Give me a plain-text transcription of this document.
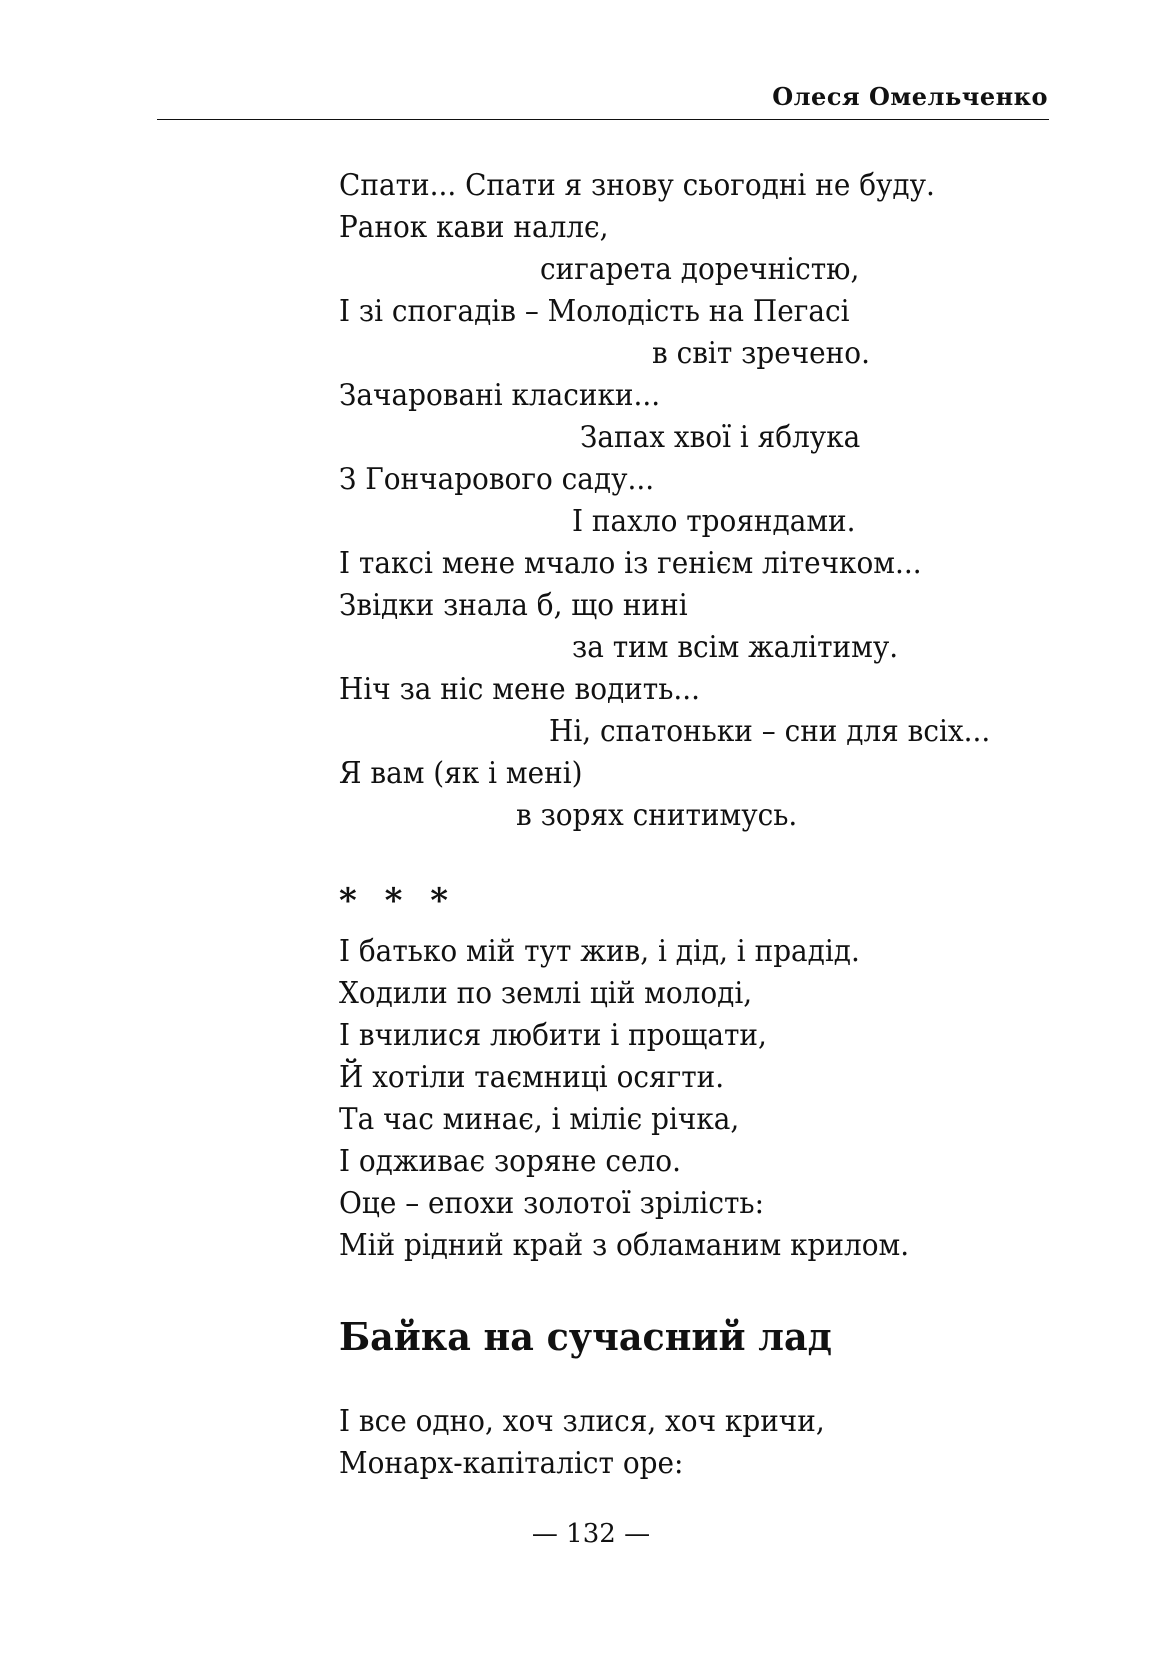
Олеся Омельченко
Спати... Спати я знову сьогодні не буду.
Ранок кави наллє,
сигарета доречністю,
І зі спогадів – Молодість на Пегасі
в світ зречено.
Зачаровані класики...
Запах хвої і яблука
З Гончарового саду...
І пахло трояндами.
І таксі мене мчало із генієм літечком...
Звідки знала б, що нині
за тим всім жалітиму.
Ніч за ніс мене водить...
Ні, спатоньки – сни для всіх...
Я вам (як і мені)
в зорях снитимусь.
* * *
І батько мій тут жив, і дід, і прадід.
Ходили по землі цій молоді,
І вчилися любити і прощати,
Й хотіли таємниці осягти.
Та час минає, і міліє річка,
І одживає зоряне село.
Оце – епохи золотої зрілість:
Мій рідний край з обламаним крилом.
Байка на сучасний лад
І все одно, хоч злися, хоч кричи,
Монарх-капіталіст оре:
— 132 —
